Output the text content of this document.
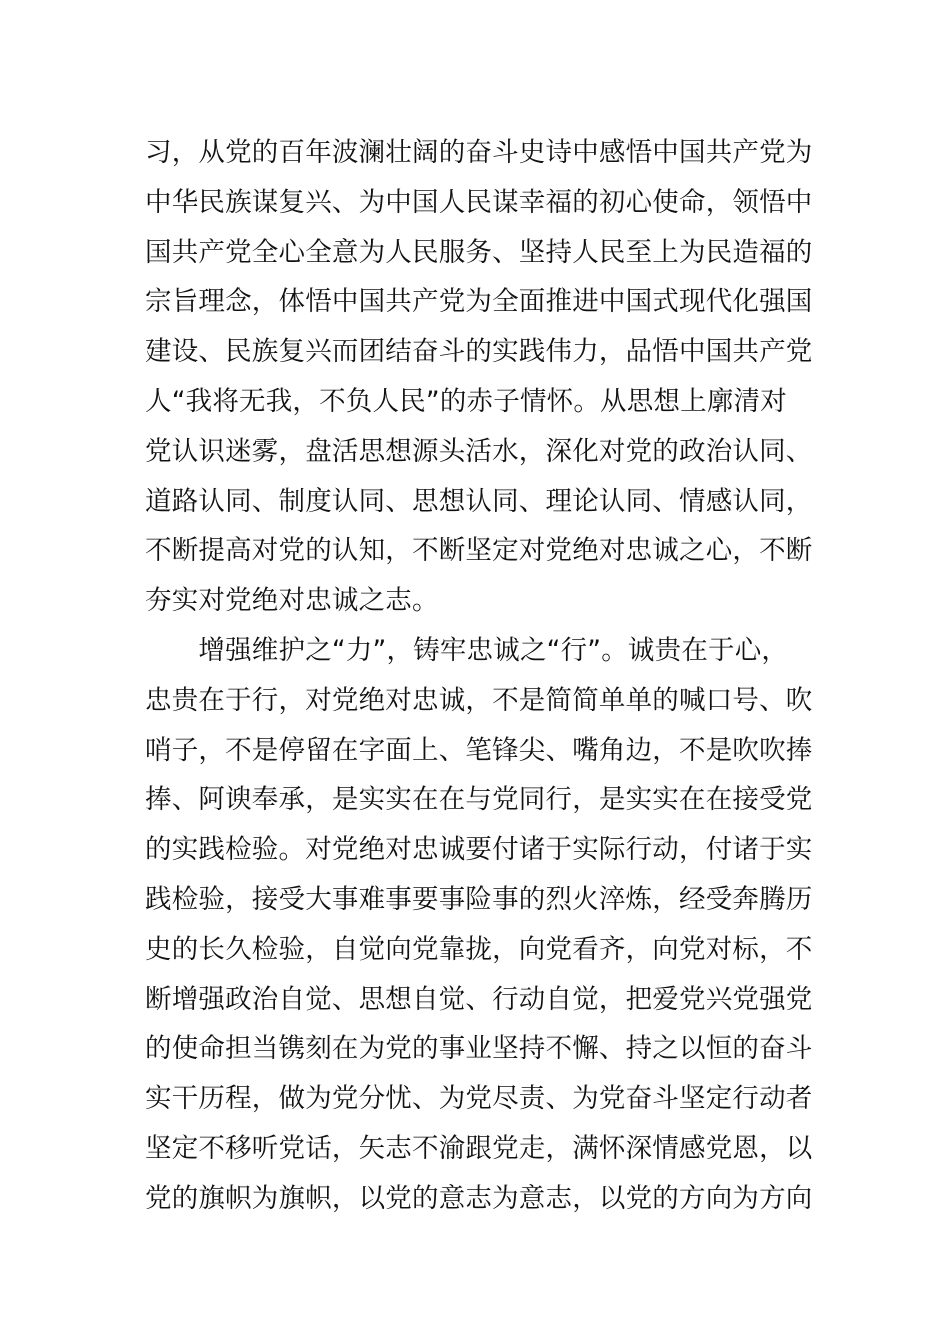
习，从党的百年波澜壮阔的奋斗史诗中感悟中国共产党为
中华民族谋复兴、为中国人民谋幸福的初心使命，领悟中
国共产党全心全意为人民服务、坚持人民至上为民造福的
宗旨理念，体悟中国共产党为全面推进中国式现代化强国
建设、民族复兴而团结奋斗的实践伟力，品悟中国共产党
人“我将无我，不负人民”的赤子情怀。从思想上廓清对
党认识迷雾，盘活思想源头活水，深化对党的政治认同、
道路认同、制度认同、思想认同、理论认同、情感认同，
不断提高对党的认知，不断坚定对党绝对忠诚之心，不断
夯实对党绝对忠诚之志。
　　增强维护之“力”，铸牢忠诚之“行”。诚贵在于心，
忠贵在于行，对党绝对忠诚，不是简简单单的喊口号、吹
哨子，不是停留在字面上、笔锋尖、嘴角边，不是吹吹捧
捧、阿谀奉承，是实实在在与党同行，是实实在在接受党
的实践检验。对党绝对忠诚要付诸于实际行动，付诸于实
践检验，接受大事难事要事险事的烈火淬炼，经受奔腾历
史的长久检验，自觉向党靠拢，向党看齐，向党对标，不
断增强政治自觉、思想自觉、行动自觉，把爱党兴党强党
的使命担当镌刻在为党的事业坚持不懈、持之以恒的奋斗
实干历程，做为党分忧、为党尽责、为党奋斗坚定行动者
坚定不移听党话，矢志不渝跟党走，满怀深情感党恩，以
党的旗帜为旗帜，以党的意志为意志，以党的方向为方向
